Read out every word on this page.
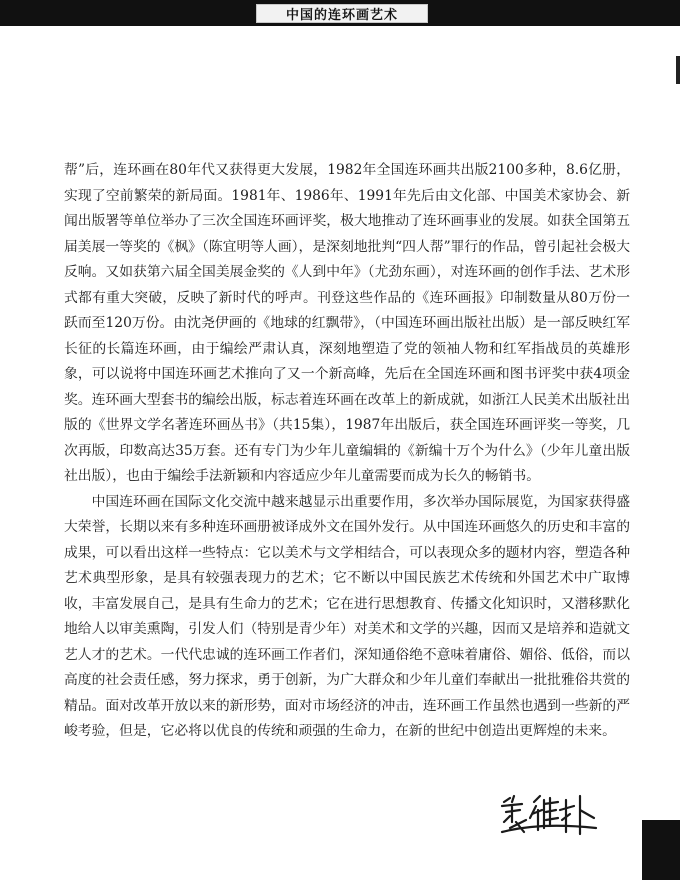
中国的连环画艺术

帮”后，连环画在80年代又获得更大发展，1982年全国连环画共出版2100多种，8.6亿册，实现了空前繁荣的新局面。1981年、1986年、1991年先后由文化部、中国美术家协会、新闻出版署等单位举办了三次全国连环画评奖，极大地推动了连环画事业的发展。如获全国第五届美展一等奖的《枫》（陈宜明等人画），是深刻地批判“四人帮”罪行的作品，曾引起社会极大反响。又如获第六届全国美展金奖的《人到中年》（尤劲东画），对连环画的创作手法、艺术形式都有重大突破，反映了新时代的呼声。刊登这些作品的《连环画报》印制数量从80万份一跃而至120万份。由沈尧伊画的《地球的红飘带》，（中国连环画出版社出版）是一部反映红军长征的长篇连环画，由于编绘严肃认真，深刻地塑造了党的领袖人物和红军指战员的英雄形象，可以说将中国连环画艺术推向了又一个新高峰，先后在全国连环画和图书评奖中获4项金奖。连环画大型套书的编绘出版，标志着连环画在改革上的新成就，如浙江人民美术出版社出版的《世界文学名著连环画丛书》（共15集），1987年出版后，获全国连环画评奖一等奖，几次再版，印数高达35万套。还有专门为少年儿童编辑的《新编十万个为什么》（少年儿童出版社出版），也由于编绘手法新颖和内容适应少年儿童需要而成为长久的畅销书。

中国连环画在国际文化交流中越来越显示出重要作用，多次举办国际展览，为国家获得盛大荣誉，长期以来有多种连环画册被译成外文在国外发行。从中国连环画悠久的历史和丰富的成果，可以看出这样一些特点：它以美术与文学相结合，可以表现众多的题材内容，塑造各种艺术典型形象，是具有较强表现力的艺术；它不断以中国民族艺术传统和外国艺术中广取博收，丰富发展自己，是具有生命力的艺术；它在进行思想教育、传播文化知识时，又潜移默化地给人以审美熏陶，引发人们（特别是青少年）对美术和文学的兴趣，因而又是培养和造就文艺人才的艺术。一代代忠诚的连环画工作者们，深知通俗绝不意味着庸俗、媚俗、低俗，而以高度的社会责任感，努力探求，勇于创新，为广大群众和少年儿童们奉献出一批批雅俗共赏的精品。面对改革开放以来的新形势，面对市场经济的冲击，连环画工作虽然也遇到一些新的严峻考验，但是，它必将以优良的传统和顽强的生命力，在新的世纪中创造出更辉煌的未来。
